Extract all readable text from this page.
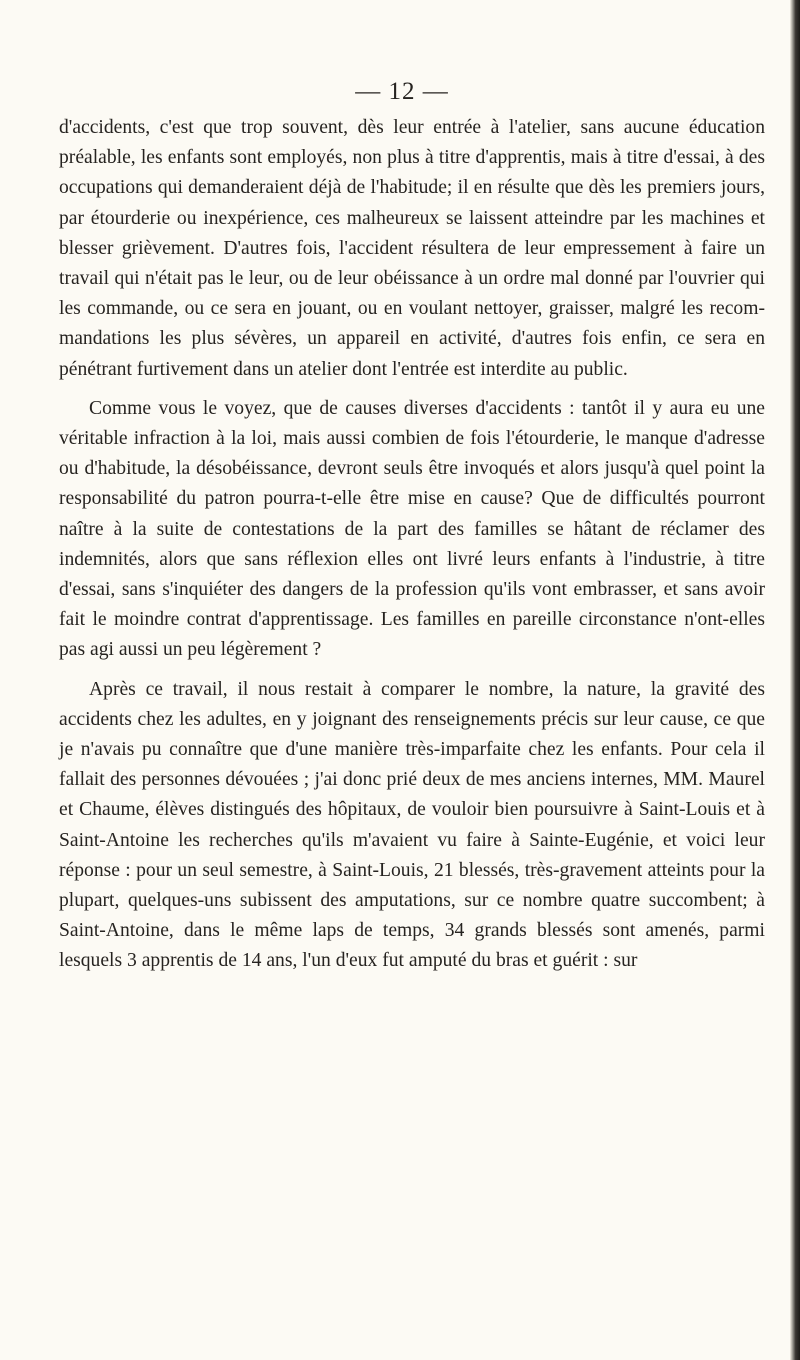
— 12 —

d'accidents, c'est que trop souvent, dès leur entrée à l'atelier, sans aucune éducation préalable, les enfants sont employés, non plus à titre d'apprentis, mais à titre d'essai, à des occupations qui demanderaient déjà de l'habitude; il en résulte que dès les premiers jours, par étourderie ou inexpérience, ces malheureux se laissent atteindre par les machines et blesser grièvement. D'autres fois, l'accident résultera de leur empressement à faire un travail qui n'était pas le leur, ou de leur obéissance à un ordre mal donné par l'ouvrier qui les commande, ou ce sera en jouant, ou en voulant nettoyer, graisser, malgré les recommandations les plus sévères, un appareil en activité, d'autres fois enfin, ce sera en pénétrant furtivement dans un atelier dont l'entrée est interdite au public.

Comme vous le voyez, que de causes diverses d'accidents : tantôt il y aura eu une véritable infraction à la loi, mais aussi combien de fois l'étourderie, le manque d'adresse ou d'habitude, la désobéissance, devront seuls être invoqués et alors jusqu'à quel point la responsabilité du patron pourra-t-elle être mise en cause? Que de difficultés pourront naître à la suite de contestations de la part des familles se hâtant de réclamer des indemnités, alors que sans réflexion elles ont livré leurs enfants à l'industrie, à titre d'essai, sans s'inquiéter des dangers de la profession qu'ils vont embrasser, et sans avoir fait le moindre contrat d'apprentissage. Les familles en pareille circonstance n'ont-elles pas agi aussi un peu légèrement ?

Après ce travail, il nous restait à comparer le nombre, la nature, la gravité des accidents chez les adultes, en y joignant des renseignements précis sur leur cause, ce que je n'avais pu connaître que d'une manière très-imparfaite chez les enfants. Pour cela il fallait des personnes dévouées ; j'ai donc prié deux de mes anciens internes, MM. Maurel et Chaume, élèves distingués des hôpitaux, de vouloir bien poursuivre à Saint-Louis et à Saint-Antoine les recherches qu'ils m'avaient vu faire à Sainte-Eugénie, et voici leur réponse : pour un seul semestre, à Saint-Louis, 21 blessés, très-gravement atteints pour la plupart, quelques-uns subissent des amputations, sur ce nombre quatre succombent; à Saint-Antoine, dans le même laps de temps, 34 grands blessés sont amenés, parmi lesquels 3 apprentis de 14 ans, l'un d'eux fut amputé du bras et guérit : sur
